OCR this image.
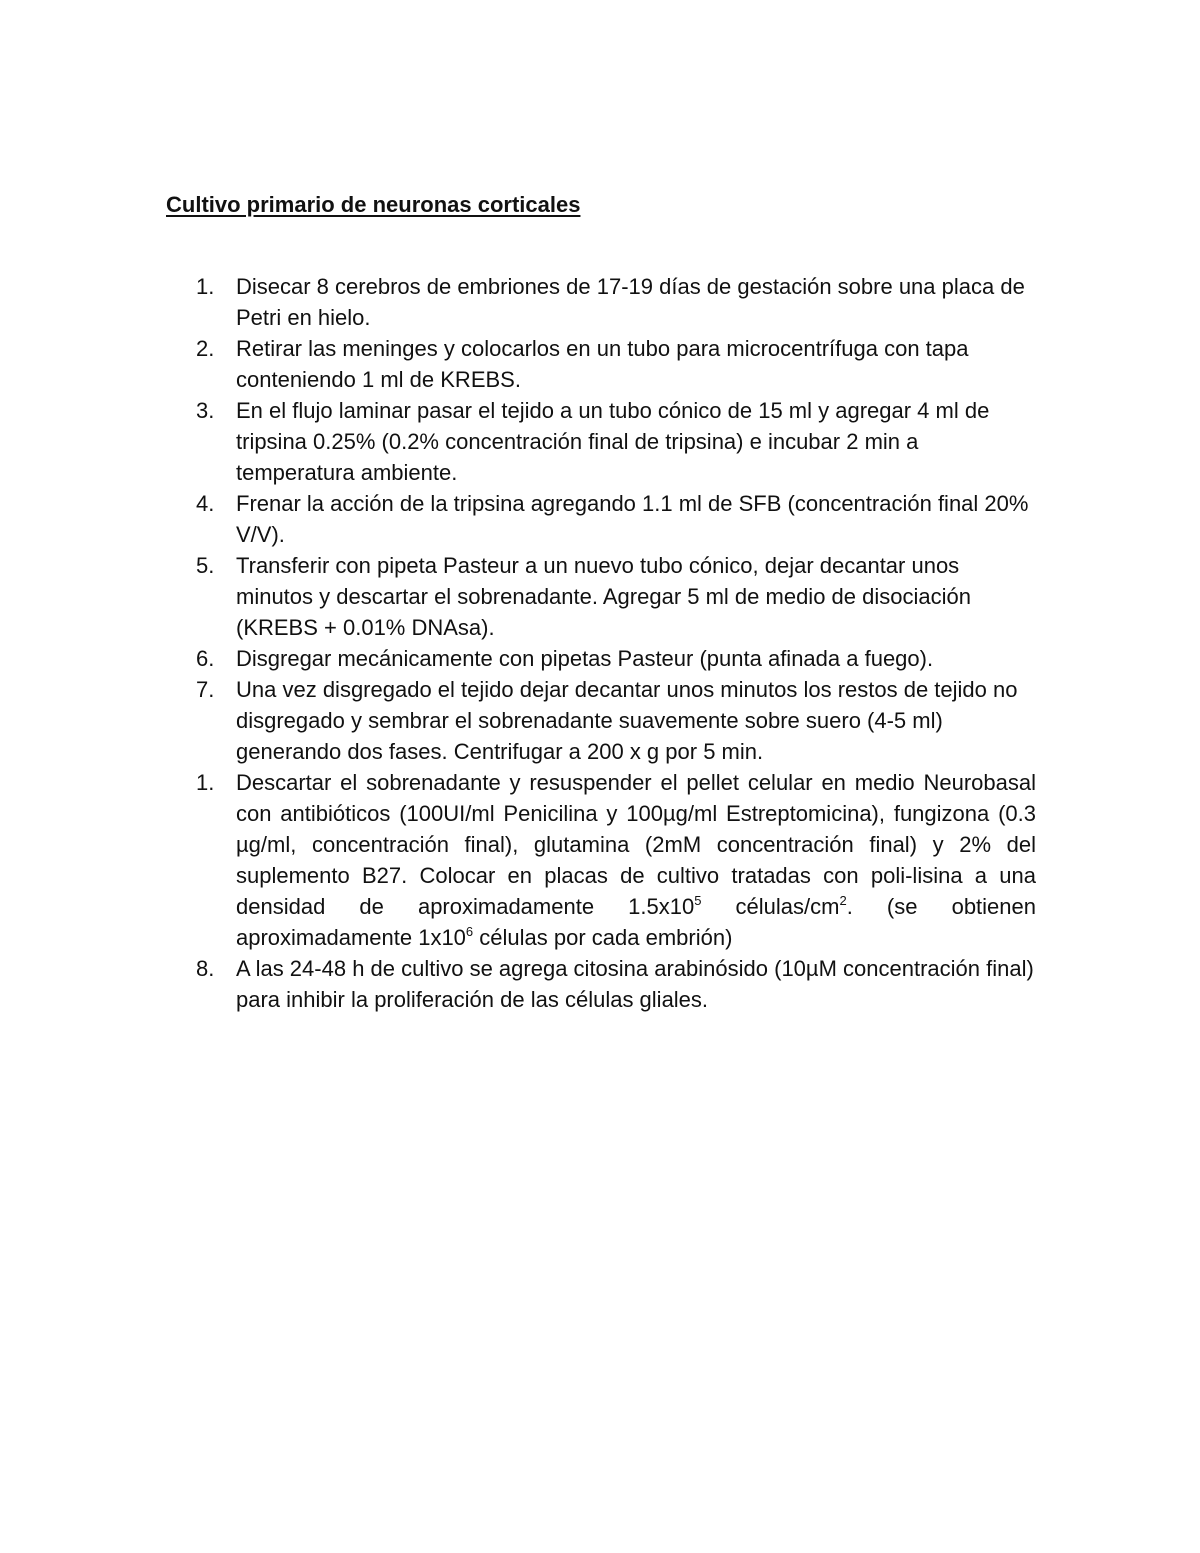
Cultivo primario de neuronas corticales
1. Disecar 8 cerebros de embriones de 17-19 días de gestación sobre una placa de Petri en hielo.
2. Retirar las meninges y colocarlos en un tubo para microcentrífuga con tapa conteniendo 1 ml de KREBS.
3. En el flujo laminar pasar el tejido a un tubo cónico de 15 ml y agregar 4 ml de tripsina 0.25% (0.2% concentración final de tripsina) e incubar 2 min a temperatura ambiente.
4. Frenar la acción de la tripsina agregando 1.1 ml de SFB (concentración final 20% V/V).
5. Transferir con pipeta Pasteur a un nuevo tubo cónico, dejar decantar unos minutos y descartar el sobrenadante. Agregar 5 ml de medio de disociación (KREBS + 0.01% DNAsa).
6. Disgregar mecánicamente con pipetas Pasteur (punta afinada a fuego).
7. Una vez disgregado el tejido dejar decantar unos minutos los restos de tejido no disgregado y sembrar el sobrenadante suavemente sobre suero (4-5 ml) generando dos fases. Centrifugar a 200 x g por 5 min.
1. Descartar el sobrenadante y resuspender el pellet celular en medio Neurobasal con antibióticos (100UI/ml Penicilina y 100µg/ml Estreptomicina), fungizona (0.3 µg/ml, concentración final), glutamina (2mM concentración final) y 2% del suplemento B27. Colocar en placas de cultivo tratadas con poli-lisina a una densidad de aproximadamente $1.5x10^5$ células/$cm^2$. (se obtienen aproximadamente $1x10^6$ células por cada embrión)
8. A las 24-48 h de cultivo se agrega citosina arabinósido (10µM concentración final) para inhibir la proliferación de las células gliales.
